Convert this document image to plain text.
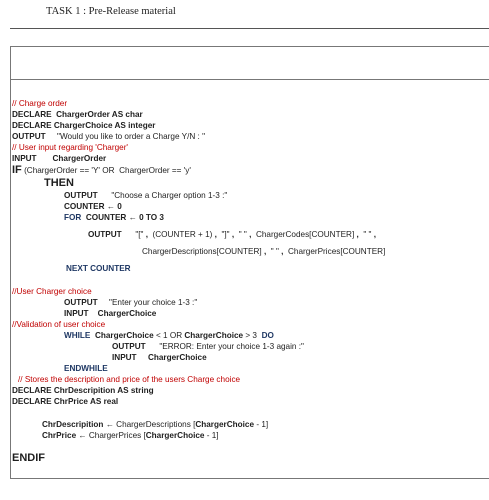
TASK 1 : Pre-Release material
// Charge order
DECLARE  ChargerOrder AS char
DECLARE ChargerChoice AS integer
OUTPUT "Would you like to order a Charge Y/N : "
// User input regarding 'Charger'
INPUT ChargerOrder
IF (ChargerOrder == 'Y' OR  ChargerOrder == 'y'
THEN
OUTPUT "Choose a Charger option 1-3 :"
COUNTER ← 0
FOR COUNTER ← 0 TO 3
OUTPUT "[" , (COUNTER + 1) , "]" , " " , ChargerCodes[COUNTER] , " " ,
ChargerDescriptions[COUNTER] , " " , ChargerPrices[COUNTER]
NEXT COUNTER
//User Charger choice
OUTPUT "Enter your choice 1-3 :"
INPUT ChargerChoice
//Validation of user choice
WHILE ChargerChoice < 1 OR ChargerChoice > 3 DO
OUTPUT "ERROR: Enter your choice 1-3 again :"
INPUT ChargerChoice
ENDWHILE
// Stores the description and price of the users Charge choice
DECLARE ChrDescripition AS string
DECLARE ChrPrice AS real
ChrDescripition ← ChargerDescriptions [ChargerChoice - 1]
ChrPrice ← ChargerPrices [ChargerChoice - 1]
ENDIF
